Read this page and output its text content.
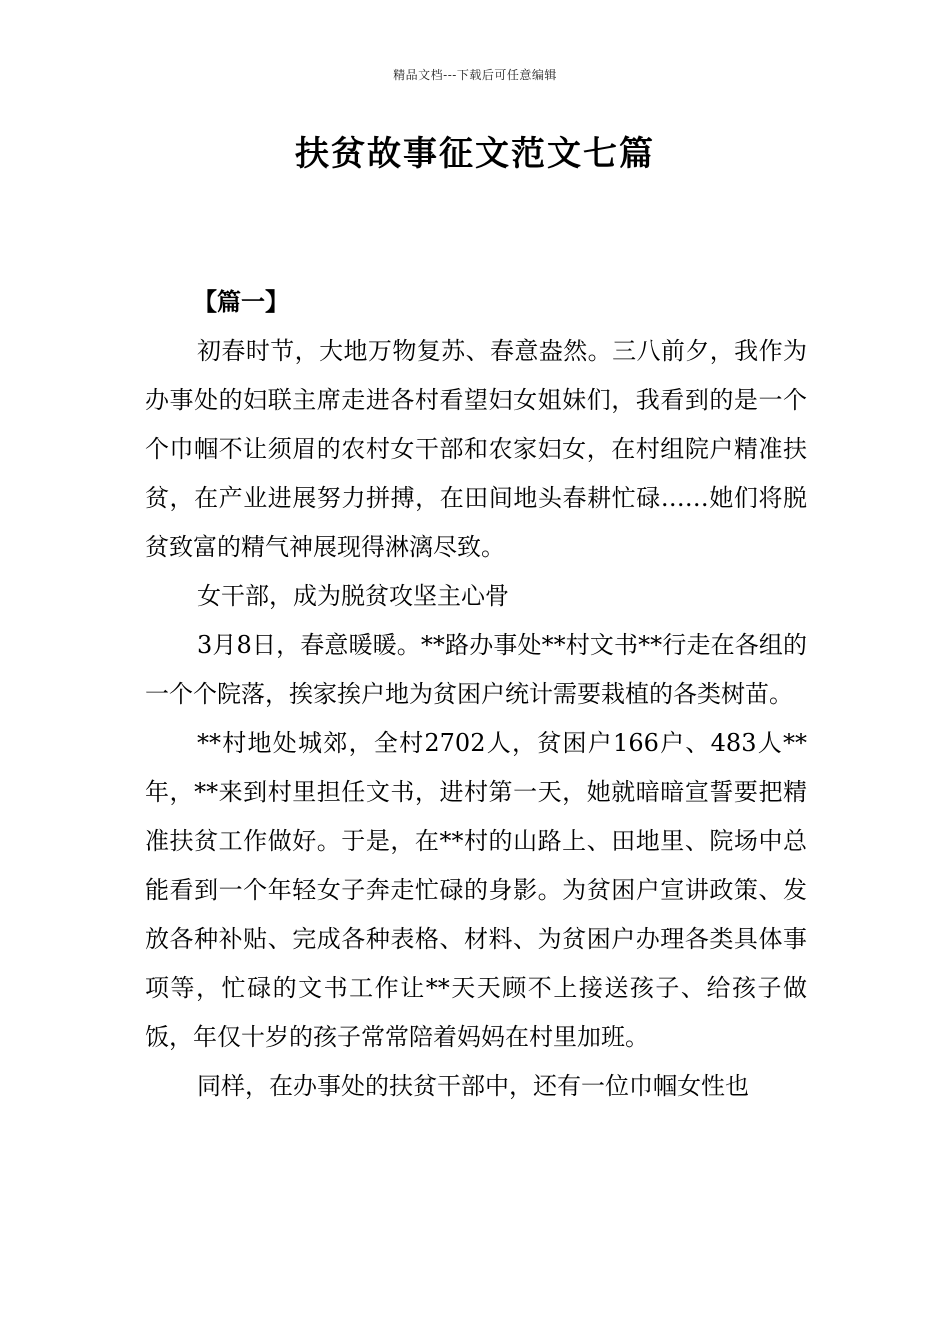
精品文档---下载后可任意编辑
扶贫故事征文范文七篇

【篇一】

初春时节，大地万物复苏、春意盎然。三八前夕，我作为办事处的妇联主席走进各村看望妇女姐妹们，我看到的是一个个巾帼不让须眉的农村女干部和农家妇女，在村组院户精准扶贫，在产业进展努力拼搏，在田间地头春耕忙碌……她们将脱贫致富的精气神展现得淋漓尽致。

女干部，成为脱贫攻坚主心骨

3月8日，春意暖暖。**路办事处**村文书**行走在各组的一个个院落，挨家挨户地为贫困户统计需要栽植的各类树苗。

**村地处城郊，全村2702人，贫困户166户、483人**年，**来到村里担任文书，进村第一天，她就暗暗宣誓要把精准扶贫工作做好。于是，在**村的山路上、田地里、院场中总能看到一个年轻女子奔走忙碌的身影。为贫困户宣讲政策、发放各种补贴、完成各种表格、材料、为贫困户办理各类具体事项等，忙碌的文书工作让**天天顾不上接送孩子、给孩子做饭，年仅十岁的孩子常常陪着妈妈在村里加班。

同样，在办事处的扶贫干部中，还有一位巾帼女性也
